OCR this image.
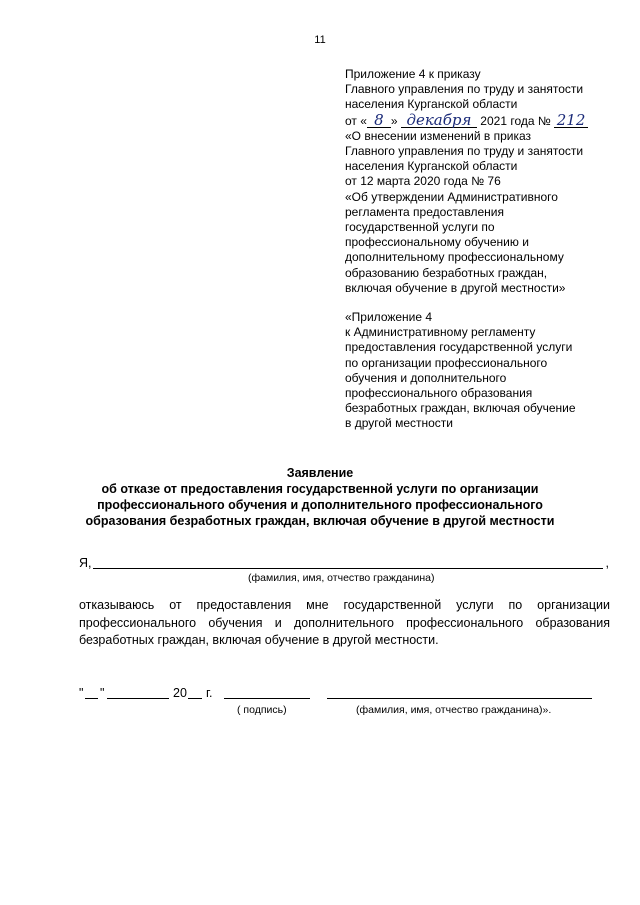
11
Приложение 4 к приказу
Главного управления по труду и занятости
населения Курганской области
от « 8 » декабря 2021 года № 212
«О внесении изменений в приказ
Главного управления по труду и занятости
населения Курганской области
от 12 марта 2020 года № 76
«Об утверждении Административного
регламента предоставления
государственной услуги по
профессиональному обучению и
дополнительному профессиональному
образованию безработных граждан,
включая обучение в другой местности»
«Приложение 4
к Административному регламенту
предоставления государственной услуги
по организации профессионального
обучения и дополнительного
профессионального образования
безработных граждан, включая обучение
в другой местности
Заявление
об отказе от предоставления государственной услуги по организации
профессионального обучения и дополнительного профессионального
образования безработных граждан, включая обучение в другой местности
Я,	,
(фамилия, имя, отчество гражданина)
отказываюсь от предоставления мне государственной услуги по организации профессионального обучения и дополнительного профессионального образования безработных граждан, включая обучение в другой местности.
" "	20 г.
( подпись)	(фамилия, имя, отчество гражданина)».
